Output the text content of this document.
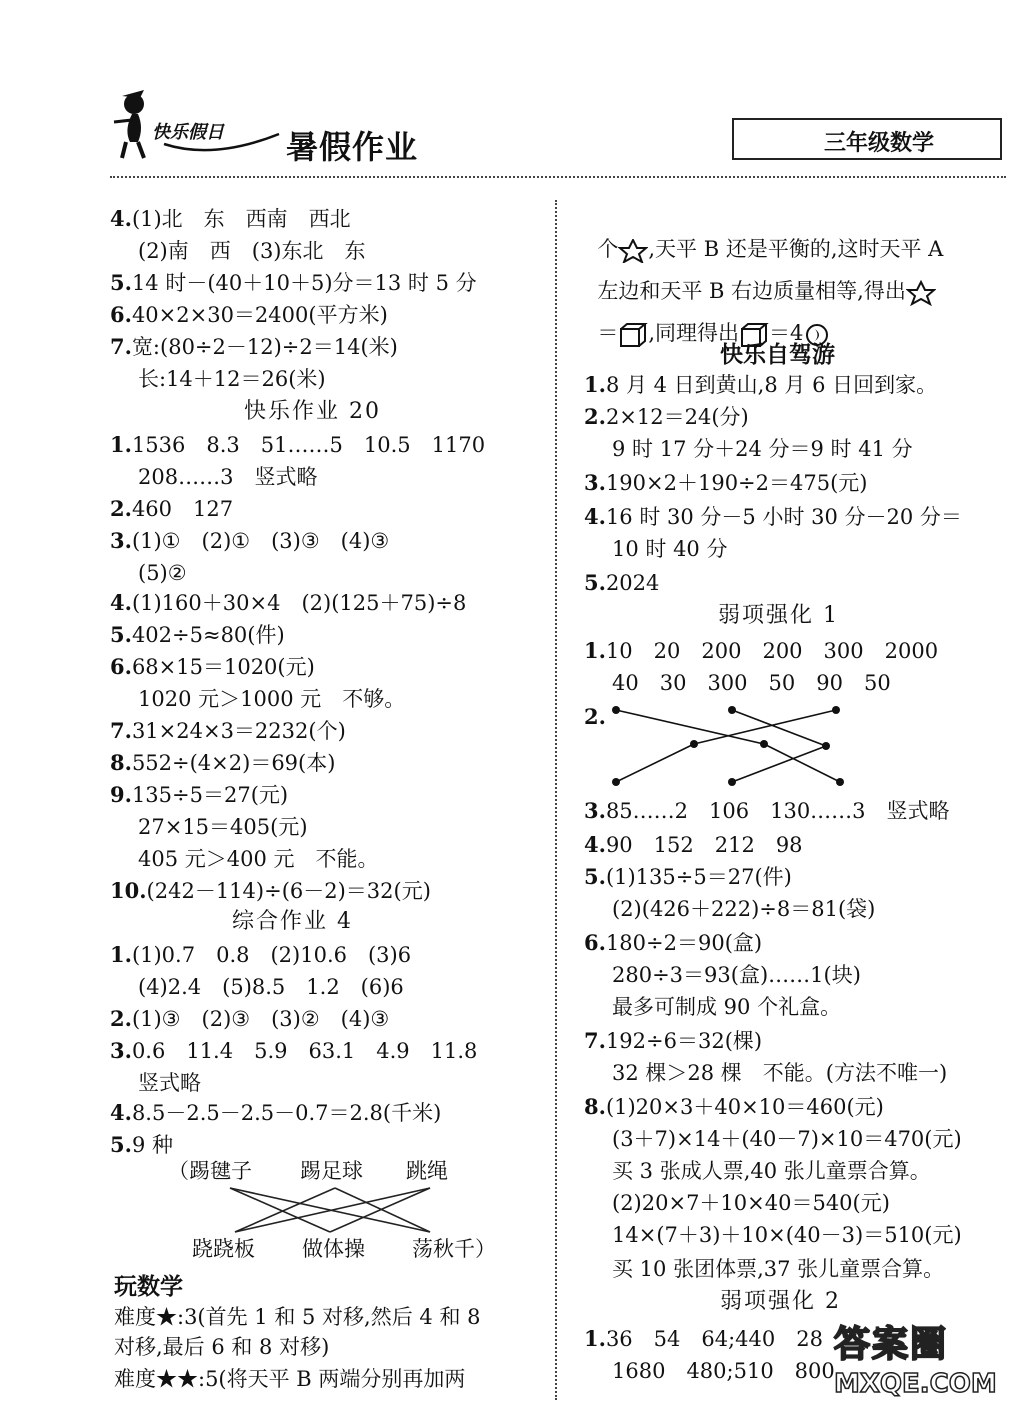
快乐假日 暑假作业	三年级数学
（踢毽子 踢足球 跳绳
跷跷板 做体操 荡秋千）

个 ,天平 B 还是平衡的,这时天平 A

左边和天平 B 右边质量相等,得出

＝ ,同理得出 ＝4

答案圈
MXQE.COM
4.(1)北　东　西南　西北
(2)南　西　(3)东北　东
5.14 时－(40＋10＋5)分＝13 时 5 分
6.40×2×30＝2400(平方米)
7.宽:(80÷2－12)÷2＝14(米)
长:14＋12＝26(米)
快乐作业 20
1.1536　8.3　51……5　10.5　1170
208……3　竖式略
2.460　127
3.(1)①　(2)①　(3)③　(4)③
(5)②
4.(1)160＋30×4　(2)(125＋75)÷8
5.402÷5≈80(件)
6.68×15＝1020(元)
1020 元＞1000 元　不够。
7.31×24×3＝2232(个)
8.552÷(4×2)＝69(本)
9.135÷5＝27(元)
27×15＝405(元)
405 元＞400 元　不能。
10.(242－114)÷(6－2)＝32(元)
综合作业 4
1.(1)0.7　0.8　(2)10.6　(3)6
(4)2.4　(5)8.5　1.2　(6)6
2.(1)③　(2)③　(3)②　(4)③
3.0.6　11.4　5.9　63.1　4.9　11.8
竖式略
4.8.5－2.5－2.5－0.7＝2.8(千米)
5.9 种
玩数学
难度★:3(首先 1 和 5 对移,然后 4 和 8
对移,最后 6 和 8 对移)
难度★★:5(将天平 B 两端分别再加两
快乐自驾游
1.8 月 4 日到黄山,8 月 6 日回到家。
2.2×12＝24(分)
9 时 17 分＋24 分＝9 时 41 分
3.190×2＋190÷2＝475(元)
4.16 时 30 分－5 小时 30 分－20 分＝
10 时 40 分
5.2024
弱项强化 1
1.10　20　200　200　300　2000
40　30　300　50　90　50
2.
3.85……2　106　130……3　竖式略
4.90　152　212　98
5.(1)135÷5＝27(件)
(2)(426＋222)÷8＝81(袋)
6.180÷2＝90(盒)
280÷3＝93(盒)……1(块)
最多可制成 90 个礼盒。
7.192÷6＝32(棵)
32 棵＞28 棵　不能。(方法不唯一)
8.(1)20×3＋40×10＝460(元)
(3＋7)×14＋(40－7)×10＝470(元)
买 3 张成人票,40 张儿童票合算。
(2)20×7＋10×40＝540(元)
14×(7＋3)＋10×(40－3)＝510(元)
买 10 张团体票,37 张儿童票合算。
弱项强化 2
1.36　54　64;440　28
1680　480;510　800
